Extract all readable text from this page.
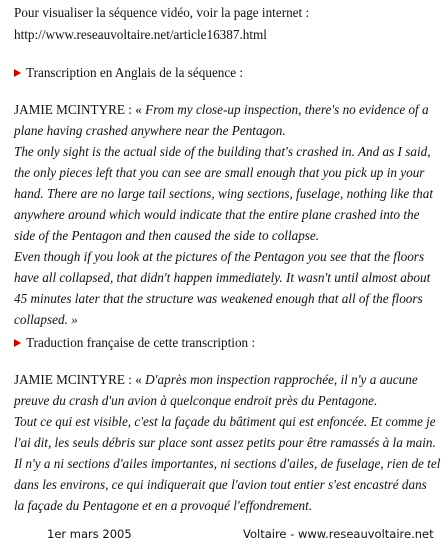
Pour visualiser la séquence vidéo, voir la page internet :
http://www.reseauvoltaire.net/article16387.html
Transcription en Anglais de la séquence :
JAMIE MCINTYRE : « From my close-up inspection, there's no evidence of a
plane having crashed anywhere near the Pentagon.
The only sight is the actual side of the building that's crashed in. And as I said,
the only pieces left that you can see are small enough that you pick up in your
hand. There are no large tail sections, wing sections, fuselage, nothing like that
anywhere around which would indicate that the entire plane crashed into the
side of the Pentagon and then caused the side to collapse.
Even though if you look at the pictures of the Pentagon you see that the floors
have all collapsed, that didn't happen immediately. It wasn't until almost about
45 minutes later that the structure was weakened enough that all of the floors
collapsed. »
Traduction française de cette transcription :
JAMIE MCINTYRE : « D'après mon inspection rapprochée, il n'y a aucune
preuve du crash d'un avion à quelconque endroit près du Pentagone.
Tout ce qui est visible, c'est la façade du bâtiment qui est enfoncée. Et comme je
l'ai dit, les seuls débris sur place sont assez petits pour être ramassés à la main.
Il n'y a ni sections d'ailes importantes, ni sections d'ailes, de fuselage, rien de tel
dans les environs, ce qui indiquerait que l'avion tout entier s'est encastré dans
la façade du Pentagone et en a provoqué l'effondrement.
1er mars 2005	Voltaire - www.reseauvoltaire.net
